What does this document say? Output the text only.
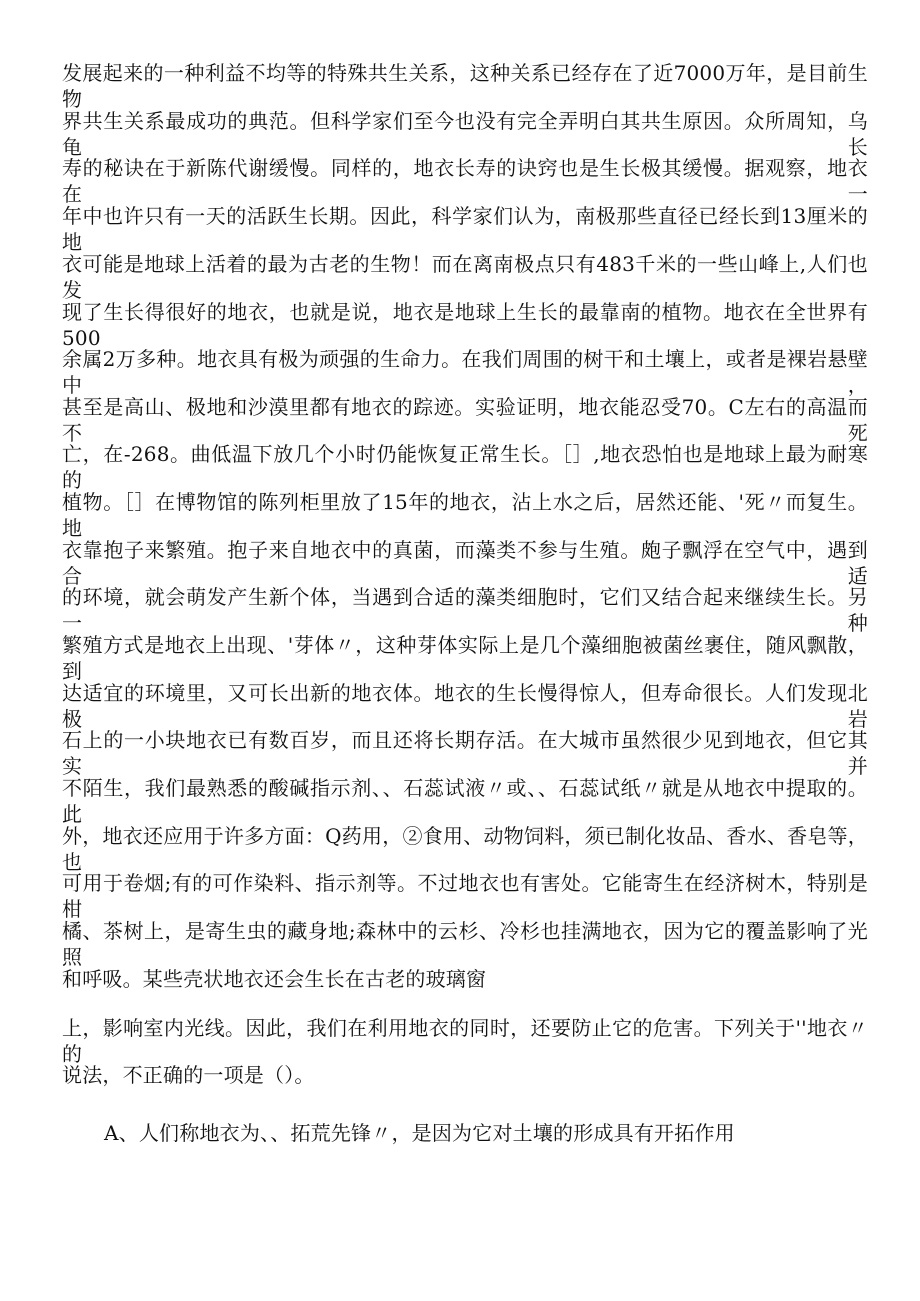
发展起来的一种利益不均等的特殊共生关系，这种关系已经存在了近7000万年，是目前生物
界共生关系最成功的典范。但科学家们至今也没有完全弄明白其共生原因。众所周知，乌龟长
寿的秘诀在于新陈代谢缓慢。同样的，地衣长寿的诀窍也是生长极其缓慢。据观察，地衣在一
年中也许只有一天的活跃生长期。因此，科学家们认为，南极那些直径已经长到13厘米的地
衣可能是地球上活着的最为古老的生物！而在离南极点只有483千米的一些山峰上,人们也发
现了生长得很好的地衣，也就是说，地衣是地球上生长的最靠南的植物。地衣在全世界有500
余属2万多种。地衣具有极为顽强的生命力。在我们周围的树干和土壤上，或者是裸岩悬壁中，
甚至是高山、极地和沙漠里都有地衣的踪迹。实验证明，地衣能忍受70。C左右的高温而不死
亡，在-268。曲低温下放几个小时仍能恢复正常生长。［］,地衣恐怕也是地球上最为耐寒的
植物。［］在博物馆的陈列柜里放了15年的地衣，沾上水之后，居然还能、'死〃而复生。地
衣靠抱子来繁殖。抱子来自地衣中的真菌，而藻类不参与生殖。皰子飘浮在空气中，遇到合适
的环境，就会萌发产生新个体，当遇到合适的藻类细胞时，它们又结合起来继续生长。另一种
繁殖方式是地衣上出现、'芽体〃，这种芽体实际上是几个藻细胞被菌丝裹住，随风飘散，到
达适宜的环境里，又可长出新的地衣体。地衣的生长慢得惊人，但寿命很长。人们发现北极岩
石上的一小块地衣已有数百岁，而且还将长期存活。在大城市虽然很少见到地衣，但它其实并
不陌生，我们最熟悉的酸碱指示剂、、石蕊试液〃或、、石蕊试纸〃就是从地衣中提取的。此
外，地衣还应用于许多方面：Q药用，②食用、动物饲料，须已制化妆品、香水、香皂等，也
可用于卷烟;有的可作染料、指示剂等。不过地衣也有害处。它能寄生在经济树木，特别是柑
橘、茶树上，是寄生虫的藏身地;森林中的云杉、冷杉也挂满地衣，因为它的覆盖影响了光照
和呼吸。某些壳状地衣还会生长在古老的玻璃窗
上，影响室内光线。因此，我们在利用地衣的同时，还要防止它的危害。下列关于''地衣〃的
说法，不正确的一项是（）。
A、人们称地衣为、、拓荒先锋〃，是因为它对土壤的形成具有开拓作用
